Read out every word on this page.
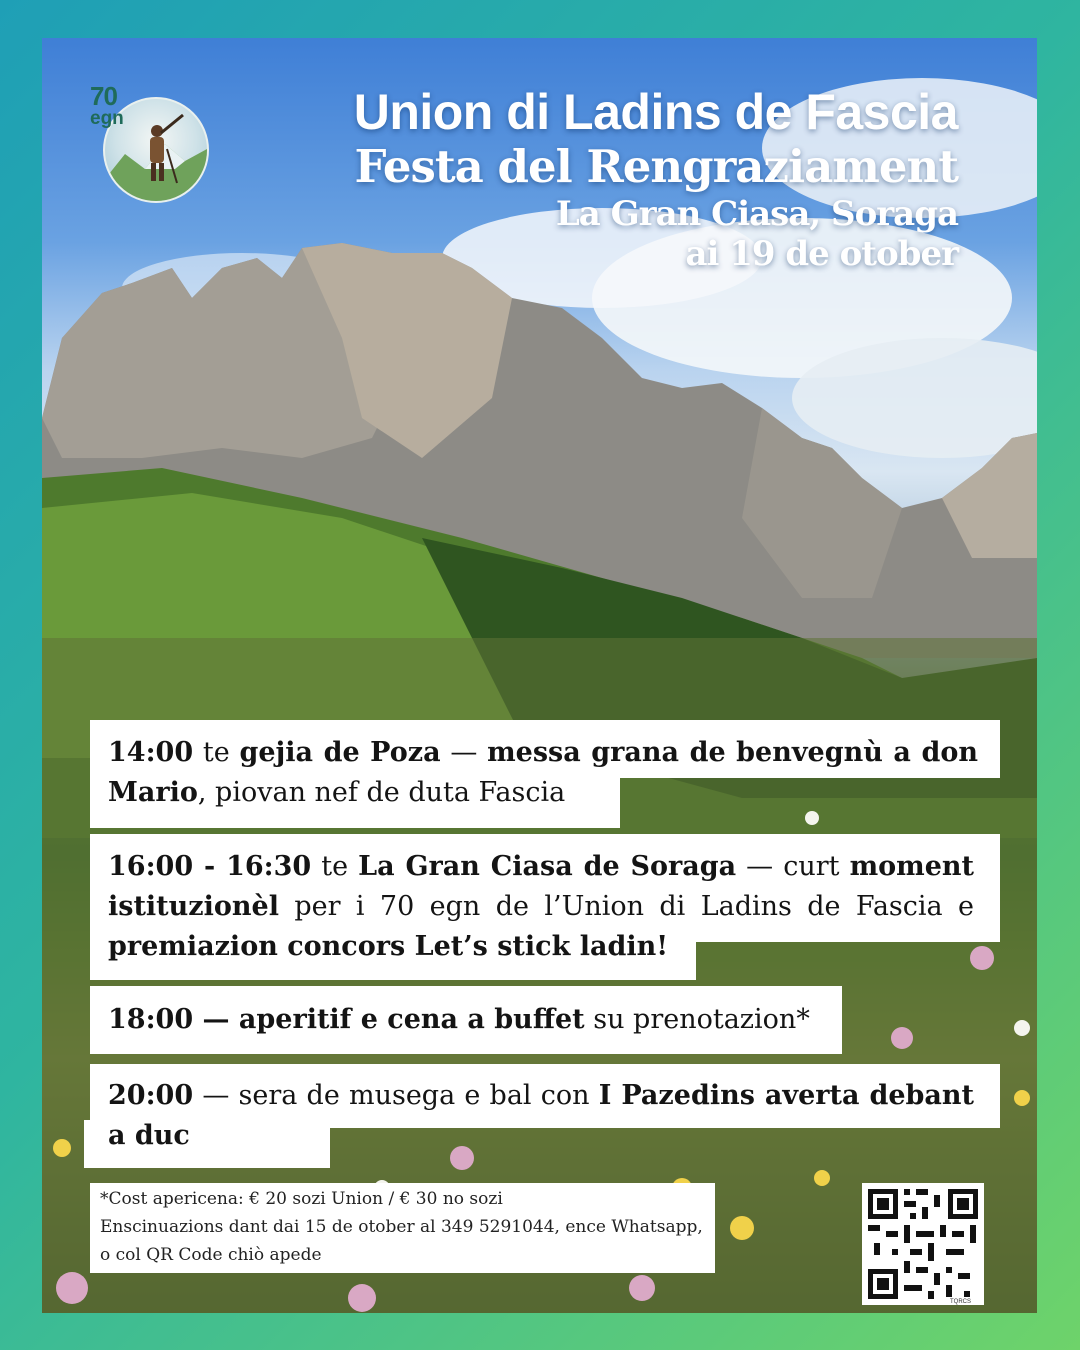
70
egn	Union di Ladins de Fascia
Festa del Rengraziament
La Gran Ciasa, Soraga
ai 19 de otober
14:00 te gejia de Poza — messa grana de benvegnù a don Mario, piovan nef de duta Fascia
16:00 - 16:30 te La Gran Ciasa de Soraga — curt moment istituzionèl per i 70 egn de l’Union di Ladins de Fascia e premiazion concors Let’s stick ladin!
18:00 — aperitif e cena a buffet su prenotazion*
20:00 — sera de musega e bal con I Pazedins averta debant a duc
*Cost apericena: € 20 sozi Union / € 30 no sozi
Enscinuazions dant dai 15 de otober al 349 5291044, ence Whatsapp,
o col QR Code chiò apede
TQRCS
